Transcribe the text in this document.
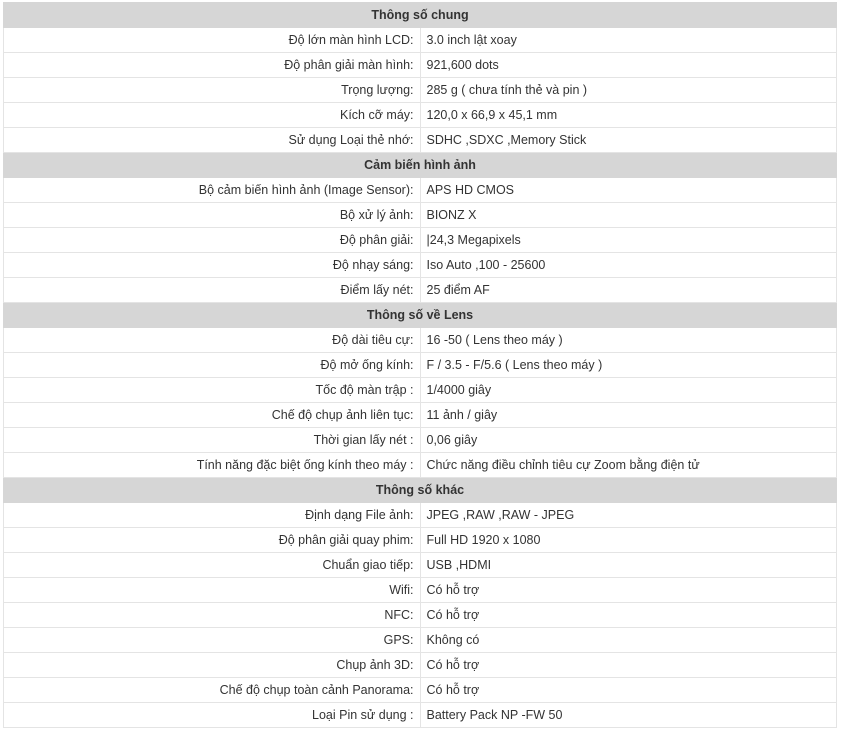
Thông số chung	
Độ lớn màn hình LCD:	3.0 inch lật xoay
Độ phân giải màn hình:	921,600 dots
Trọng lượng:	285 g ( chưa tính thẻ và pin )
Kích cỡ máy:	120,0 x 66,9 x 45,1 mm
Sử dụng Loại thẻ nhớ:	SDHC ,SDXC ,Memory Stick
Cảm biến hình ảnh	
Bộ cảm biến hình ảnh (Image Sensor):	APS HD CMOS
Bộ xử lý ảnh:	BIONZ X
Độ phân giải:	|24,3 Megapixels
Độ nhạy sáng:	Iso Auto ,100 - 25600
Điểm lấy nét:	25 điểm AF
Thông số về Lens	
Độ dài tiêu cự:	16 -50 ( Lens theo máy )
Độ mở ống kính:	F / 3.5 - F/5.6 ( Lens theo máy )
Tốc độ màn trập :	1/4000 giây
Chế độ chụp ảnh liên tục:	11 ảnh / giây
Thời gian lấy nét :	0,06 giây
Tính năng đặc biệt ống kính theo máy :	Chức năng điều chỉnh tiêu cự Zoom bằng điện tử
Thông số khác	
Định dạng File ảnh:	JPEG ,RAW ,RAW - JPEG
Độ phân giải quay phim:	Full HD 1920 x 1080
Chuẩn giao tiếp:	USB ,HDMI
Wifi:	Có hỗ trợ
NFC:	Có hỗ trợ
GPS:	Không có
Chụp ảnh 3D:	Có hỗ trợ
Chế độ chụp toàn cảnh Panorama:	Có hỗ trợ
Loại Pin sử dụng :	Battery Pack NP -FW 50
